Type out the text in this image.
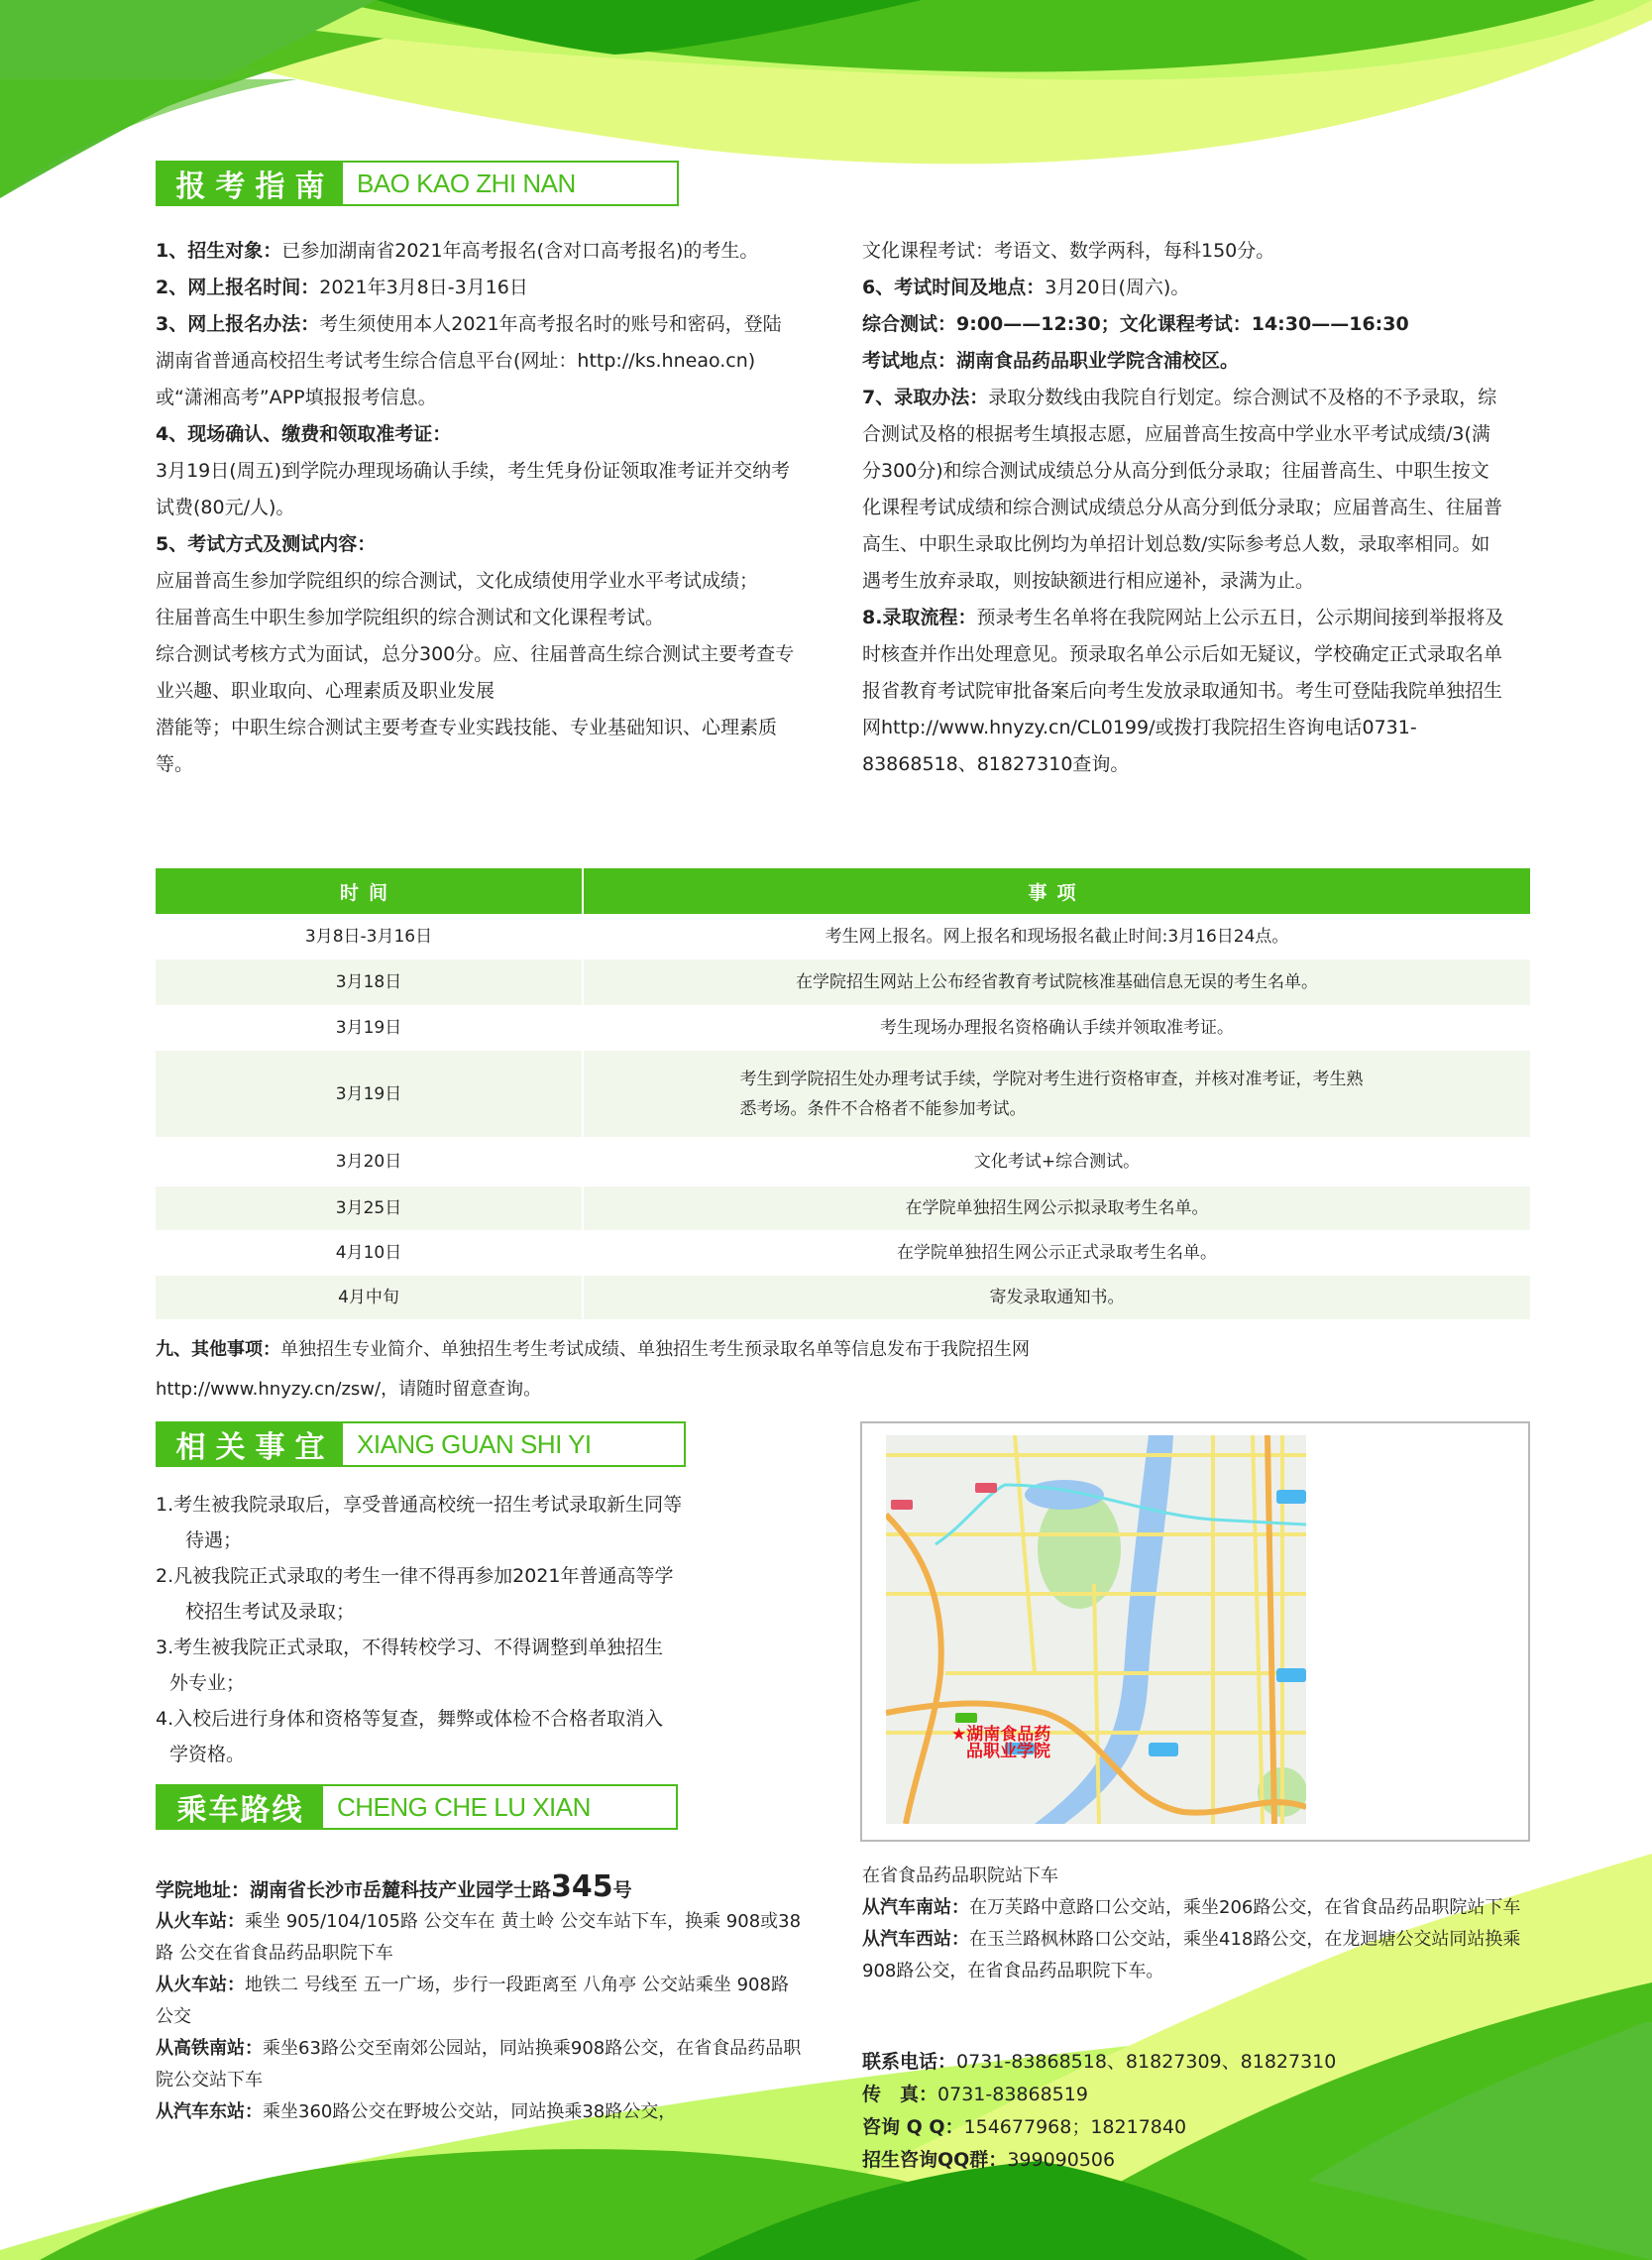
报考指南 BAO KAO ZHI NAN

1、招生对象：已参加湖南省2021年高考报名(含对口高考报名)的考生。

2、网上报名时间：2021年3月8日-3月16日

3、网上报名办法：考生须使用本人2021年高考报名时的账号和密码，登陆湖南省普通高校招生考试考生综合信息平台(网址：http://ks.hneao.cn)或“潇湘高考”APP填报报考信息。

4、现场确认、缴费和领取准考证：

3月19日(周五)到学院办理现场确认手续，考生凭身份证领取准考证并交纳考试费(80元/人)。

5、考试方式及测试内容：

应届普高生参加学院组织的综合测试，文化成绩使用学业水平考试成绩；

往届普高生中职生参加学院组织的综合测试和文化课程考试。

综合测试考核方式为面试，总分300分。应、往届普高生综合测试主要考查专业兴趣、职业取向、心理素质及职业发展

潜能等；中职生综合测试主要考查专业实践技能、专业基础知识、心理素质等。

文化课程考试：考语文、数学两科，每科150分。

6、考试时间及地点：3月20日(周六)。

综合测试：9:00——12:30；文化课程考试：14:30——16:30

考试地点：湖南食品药品职业学院含浦校区。

7、录取办法：录取分数线由我院自行划定。综合测试不及格的不予录取，综合测试及格的根据考生填报志愿，应届普高生按高中学业水平考试成绩/3(满分300分)和综合测试成绩总分从高分到低分录取；往届普高生、中职生按文化课程考试成绩和综合测试成绩总分从高分到低分录取；应届普高生、往届普高生、中职生录取比例均为单招计划总数/实际参考总人数，录取率相同。如遇考生放弃录取，则按缺额进行相应递补，录满为止。

8.录取流程：预录考生名单将在我院网站上公示五日，公示期间接到举报将及时核查并作出处理意见。预录取名单公示后如无疑议，学校确定正式录取名单报省教育考试院审批备案后向考生发放录取通知书。考生可登陆我院单独招生网http://www.hnyzy.cn/CL0199/或拨打我院招生咨询电话0731-83868518、81827310查询。

时间	事项
3月8日-3月16日	考生网上报名。网上报名和现场报名截止时间:3月16日24点。
3月18日	在学院招生网站上公布经省教育考试院核准基础信息无误的考生名单。
3月19日	考生现场办理报名资格确认手续并领取准考证。
3月19日	考生到学院招生处办理考试手续，学院对考生进行资格审查，并核对准考证，考生熟悉考场。条件不合格者不能参加考试。

3月20日	文化考试+综合测试。
3月25日	在学院单独招生网公示拟录取考生名单。
4月10日	在学院单独招生网公示正式录取考生名单。
4月中旬	寄发录取通知书。

九、其他事项：单独招生专业简介、单独招生考生考试成绩、单独招生考生预录取名单等信息发布于我院招生网

http://www.hnyzy.cn/zsw/，请随时留意查询。

相关事宜 XIANG GUAN SHI YI

1.考生被我院录取后，享受普通高校统一招生考试录取新生同等
待遇；

2.凡被我院正式录取的考生一律不得再参加2021年普通高等学
校招生考试及录取；

3.考生被我院正式录取，不得转校学习、不得调整到单独招生
外专业；

4.入校后进行身体和资格等复查，舞弊或体检不合格者取消入
学资格。

★湖南食品药
品职业学院
乘车路线	CHENG CHE LU XIAN

学院地址：湖南省长沙市岳麓科技产业园学士路345号

从火车站：乘坐 905/104/105路 公交车在 黄土岭 公交车站下车，换乘 908或38路 公交在省食品药品职院下车

从火车站：地铁二 号线至 五一广场，步行一段距离至 八角亭 公交站乘坐 908路 公交

从高铁南站：乘坐63路公交至南郊公园站，同站换乘908路公交，在省食品药品职院公交站下车

从汽车东站：乘坐360路公交在野坡公交站，同站换乘38路公交，

在省食品药品职院站下车

从汽车南站：在万芙路中意路口公交站，乘坐206路公交，在省食品药品职院站下车

从汽车西站：在玉兰路枫林路口公交站，乘坐418路公交，在龙迴塘公交站同站换乘908路公交，在省食品药品职院下车。

联系电话：0731-83868518、81827309、81827310
传　真：0731-83868519
咨询 Q Q：154677968；18217840
招生咨询QQ群：399090506
